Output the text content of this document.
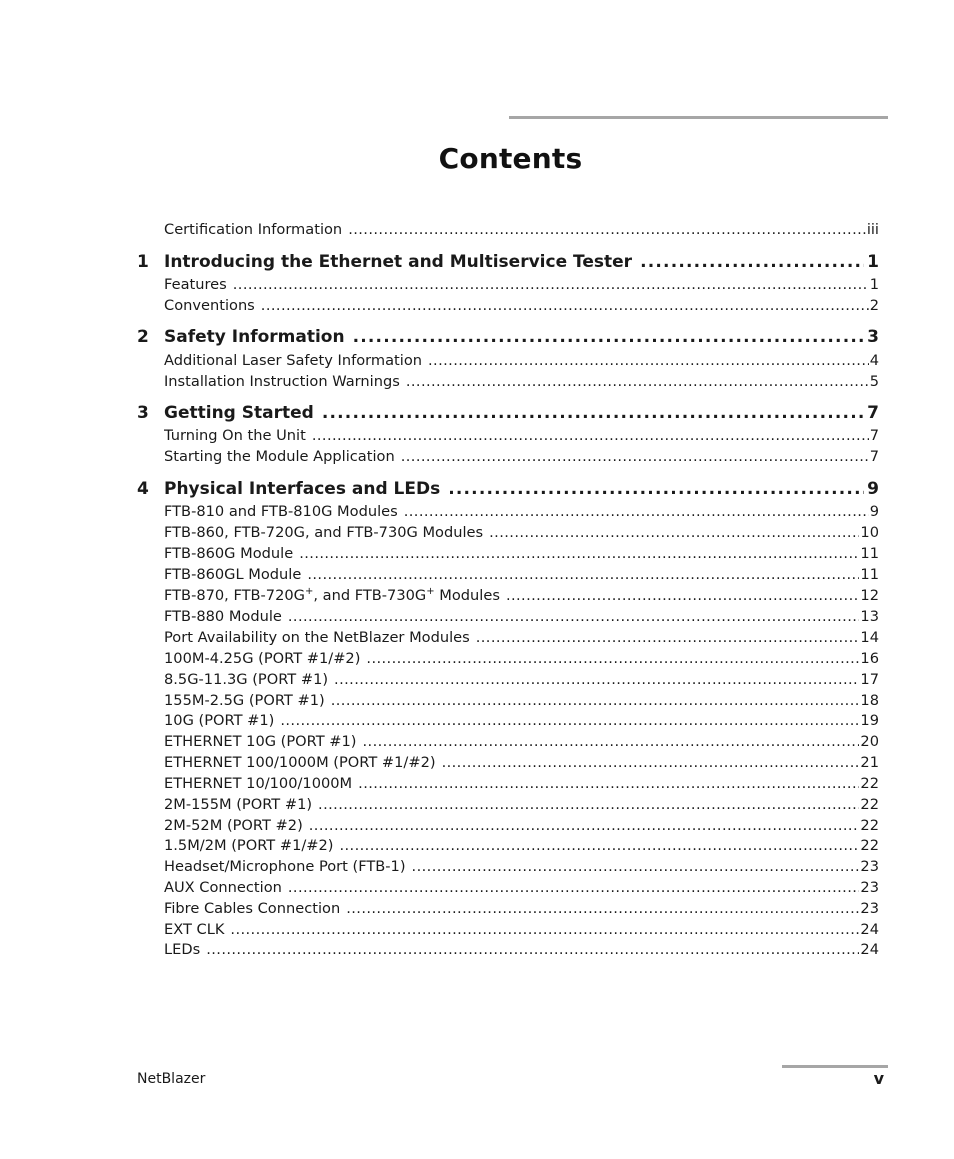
Contents
Certification Information .....	iii
1 Introducing the Ethernet and Multiservice Tester .....	1
Features .....	1
Conventions .....	2
2 Safety Information .....	3
Additional Laser Safety Information .....	4
Installation Instruction Warnings .....	5
3 Getting Started .....	7
Turning On the Unit .....	7
Starting the Module Application .....	7
4 Physical Interfaces and LEDs .....	9
FTB-810 and FTB-810G Modules .....	9
FTB-860, FTB-720G, and FTB-730G Modules .....	10
FTB-860G Module .....	11
FTB-860GL Module .....	11
FTB-870, FTB-720G+, and FTB-730G+ Modules .....	12
FTB-880 Module .....	13
Port Availability on the NetBlazer Modules .....	14
100M-4.25G (PORT #1/#2) .....	16
8.5G-11.3G (PORT #1) .....	17
155M-2.5G (PORT #1) .....	18
10G (PORT #1) .....	19
ETHERNET 10G (PORT #1) .....	20
ETHERNET 100/1000M (PORT #1/#2) .....	21
ETHERNET 10/100/1000M .....	22
2M-155M (PORT #1) .....	22
2M-52M (PORT #2) .....	22
1.5M/2M (PORT #1/#2) .....	22
Headset/Microphone Port (FTB-1) .....	23
AUX Connection .....	23
Fibre Cables Connection .....	23
EXT CLK .....	24
LEDs .....	24
NetBlazer	v
